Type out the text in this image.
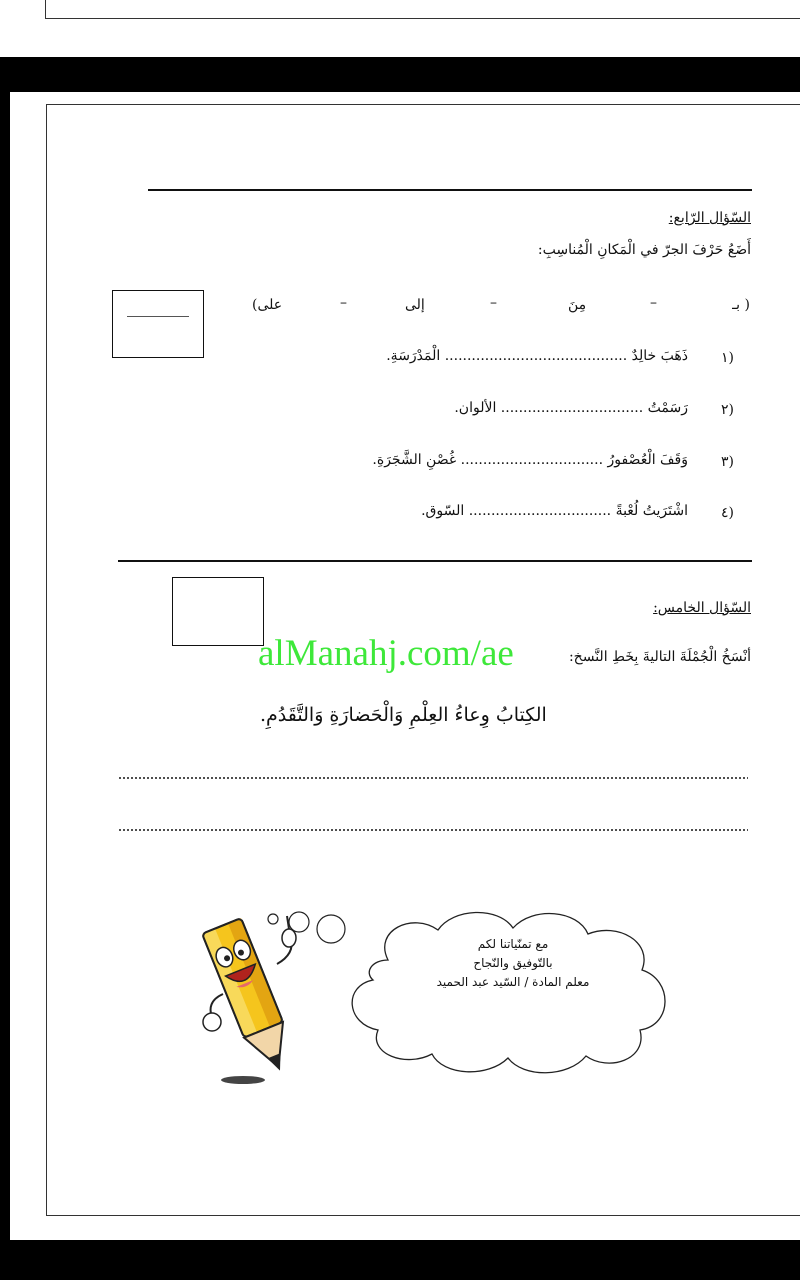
السّؤال الرّابع:
أَضَعُ حَرْفَ الجرّ في الْمَكانِ الْمُناسِبِ:
( بـ
–
مِنَ
–
إلى
–
على)
١)
ذَهَبَ خالِدٌ ......................................... الْمَدْرَسَةِ.
٢)
رَسَمْتُ ................................ الألوان.
٣)
وَقَفَ الْعُصْفورُ ................................ غُصْنِ الشَّجَرَةِ.
٤)
اشْتَرَيتُ لُعْبةً ................................ السّوق.
السّؤال الخامس:
أنْسَخُ الْجُمْلَةَ التاليةَ بِخَطِ النَّسخ:
alManahj.com/ae
الكِتابُ وِعاءُ العِلْمِ وَالْحَضارَةِ وَالتَّقَدُمِ.
مع تمنّياتنا لكم
بالتّوفيق والنّجاح
معلم المادة / السّيد عبد الحميد
